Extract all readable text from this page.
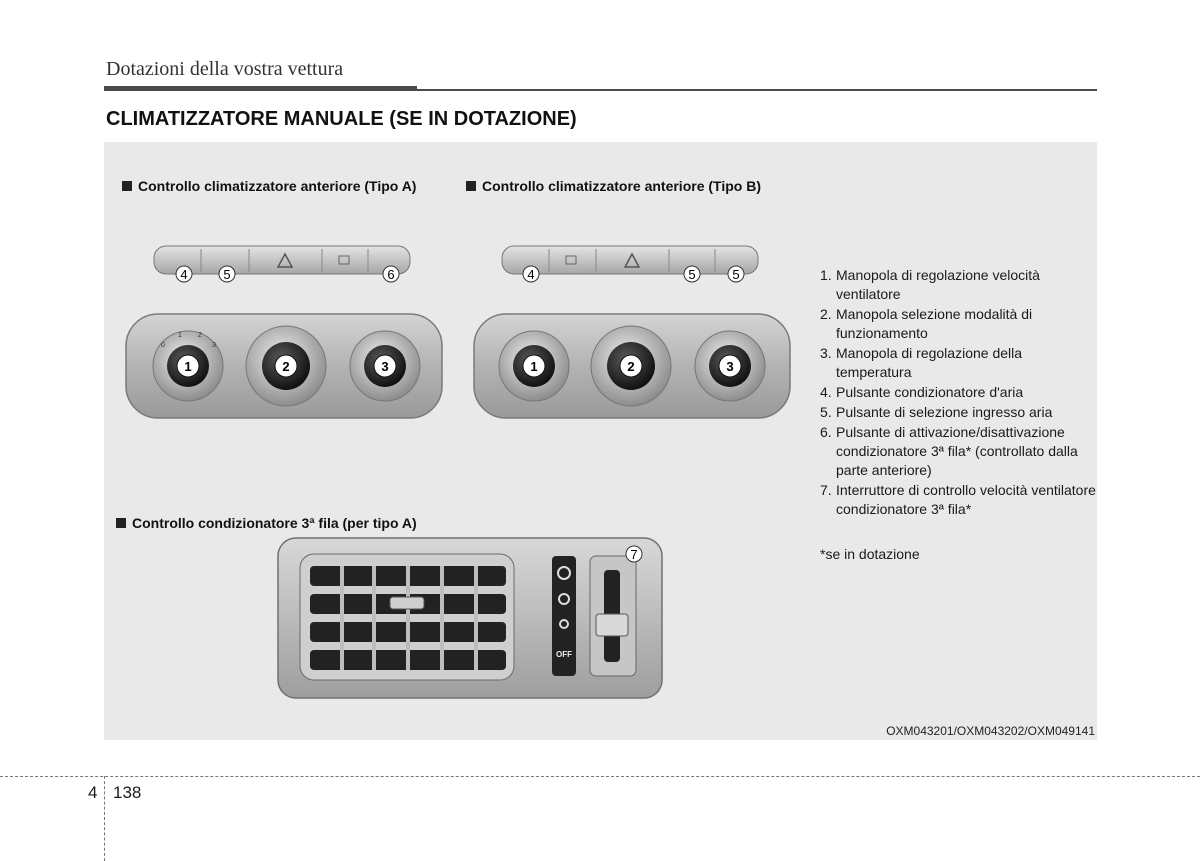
Dotazioni della vostra vettura
CLIMATIZZATORE MANUALE (SE IN DOTAZIONE)
Controllo climatizzatore anteriore (Tipo A)	Controllo climatizzatore anteriore (Tipo B)
Controllo condizionatore 3ª fila (per tipo A)
4	5	6
0
1 2
3
1	2	3
4	5	5
1	2	3
OFF
7
1. Manopola di regolazione velocità ventilatore
2. Manopola selezione modalità di funzionamento
3. Manopola di regolazione della temperatura
4. Pulsante condizionatore d'aria
5. Pulsante di selezione ingresso aria
6. Pulsante di attivazione/disattivazione condizionatore 3ª fila* (controllato dalla parte anteriore)
7. Interruttore di controllo velocità ventilatore condizionatore 3ª fila*
*se in dotazione
OXM043201/OXM043202/OXM049141
4 138
